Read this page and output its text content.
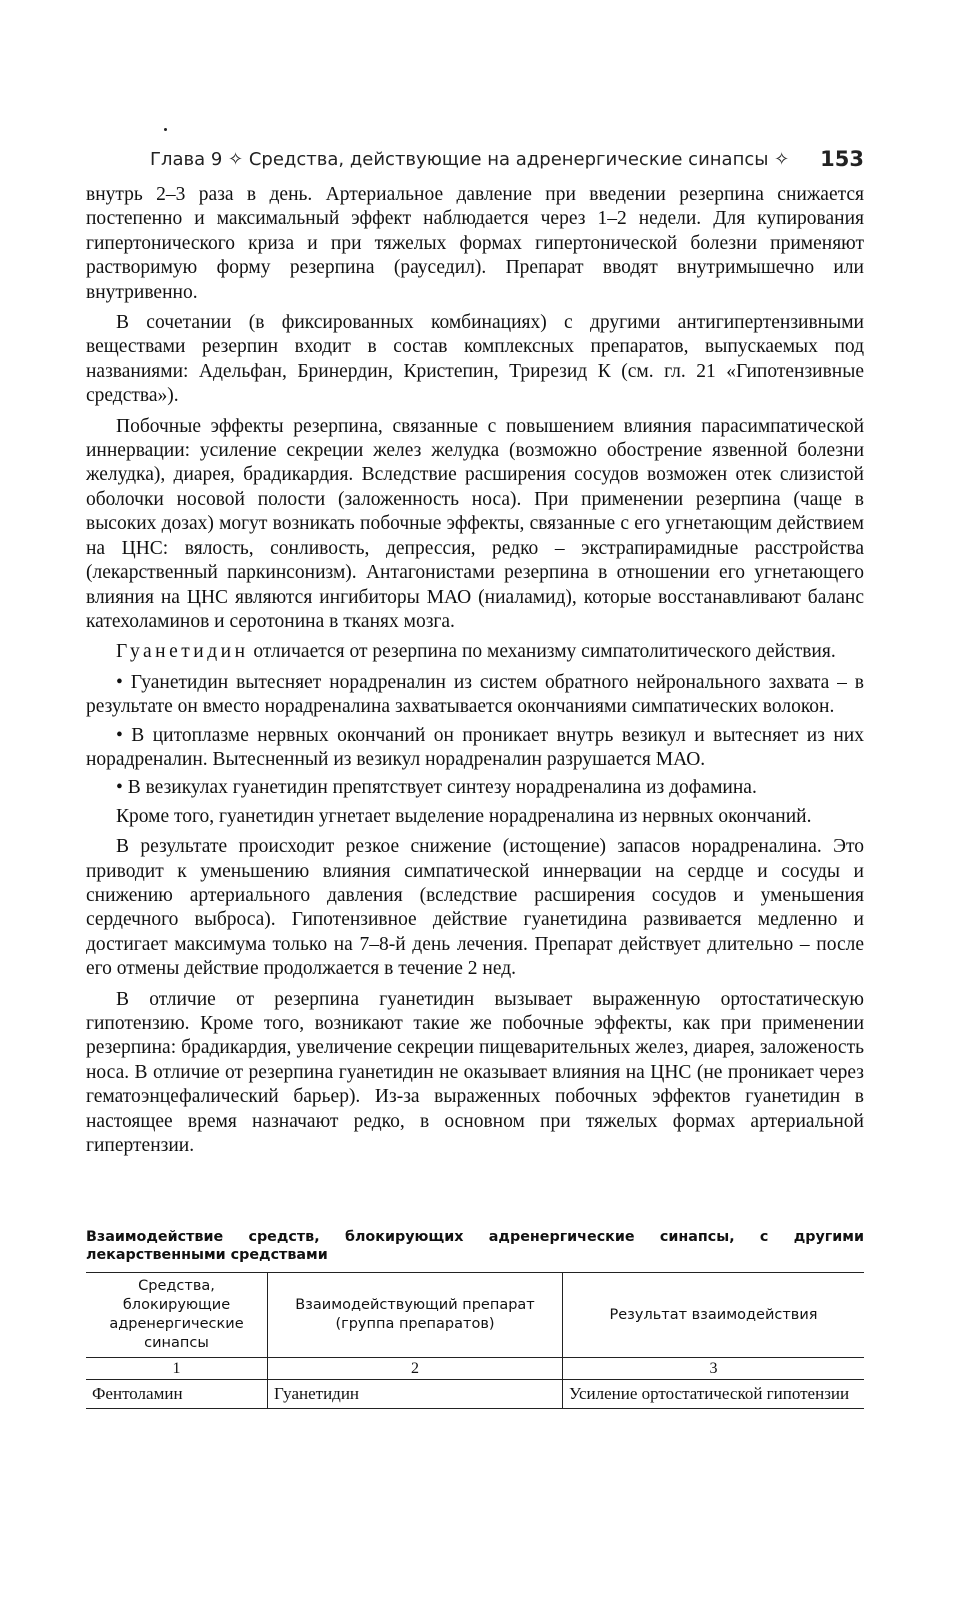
Глава 9 ✧ Средства, действующие на адренергические синапсы ✧ 153

внутрь 2–3 раза в день. Артериальное давление при введении резерпина снижается постепенно и максимальный эффект наблюдается через 1–2 недели. Для купирования гипертонического криза и при тяжелых формах гипертонической болезни применяют растворимую форму резерпина (рауседил). Препарат вводят внутримышечно или внутривенно.

В сочетании (в фиксированных комбинациях) с другими антигипертензивными веществами резерпин входит в состав комплексных препаратов, выпускаемых под названиями: Адельфан, Бринердин, Кристепин, Трирезид К (см. гл. 21 «Гипотензивные средства»).

Побочные эффекты резерпина, связанные с повышением влияния парасимпатической иннервации: усиление секреции желез желудка (возможно обострение язвенной болезни желудка), диарея, брадикардия. Вследствие расширения сосудов возможен отек слизистой оболочки носовой полости (заложенность носа). При применении резерпина (чаще в высоких дозах) могут возникать побочные эффекты, связанные с его угнетающим действием на ЦНС: вялость, сонливость, депрессия, редко – экстрапирамидные расстройства (лекарственный паркинсонизм). Антагонистами резерпина в отношении его угнетающего влияния на ЦНС являются ингибиторы МАО (ниаламид), которые восстанавливают баланс катехоламинов и серотонина в тканях мозга.

Гуанетидин отличается от резерпина по механизму симпатолитического действия.

• Гуанетидин вытесняет норадреналин из систем обратного нейронального захвата – в результате он вместо норадреналина захватывается окончаниями симпатических волокон.

• В цитоплазме нервных окончаний он проникает внутрь везикул и вытесняет из них норадреналин. Вытесненный из везикул норадреналин разрушается МАО.

• В везикулах гуанетидин препятствует синтезу норадреналина из дофамина.

Кроме того, гуанетидин угнетает выделение норадреналина из нервных окончаний.

В результате происходит резкое снижение (истощение) запасов норадреналина. Это приводит к уменьшению влияния симпатической иннервации на сердце и сосуды и снижению артериального давления (вследствие расширения сосудов и уменьшения сердечного выброса). Гипотензивное действие гуанетидина развивается медленно и достигает максимума только на 7–8-й день лечения. Препарат действует длительно – после его отмены действие продолжается в течение 2 нед.

В отличие от резерпина гуанетидин вызывает выраженную ортостатическую гипотензию. Кроме того, возникают такие же побочные эффекты, как при применении резерпина: брадикардия, увеличение секреции пищеварительных желез, диарея, заложеность носа. В отличие от резерпина гуанетидин не оказывает влияния на ЦНС (не проникает через гематоэнцефалический барьер). Из-за выраженных побочных эффектов гуанетидин в настоящее время назначают редко, в основном при тяжелых формах артериальной гипертензии.

Взаимодействие средств, блокирующих адренергические синапсы, с другими лекарственными средствами
Средства, блокирующие адренергические синапсы	Взаимодействующий препарат (группа препаратов)	Результат взаимодействия
1	2	3
Фентоламин	Гуанетидин	Усиление ортостатической гипотензии
